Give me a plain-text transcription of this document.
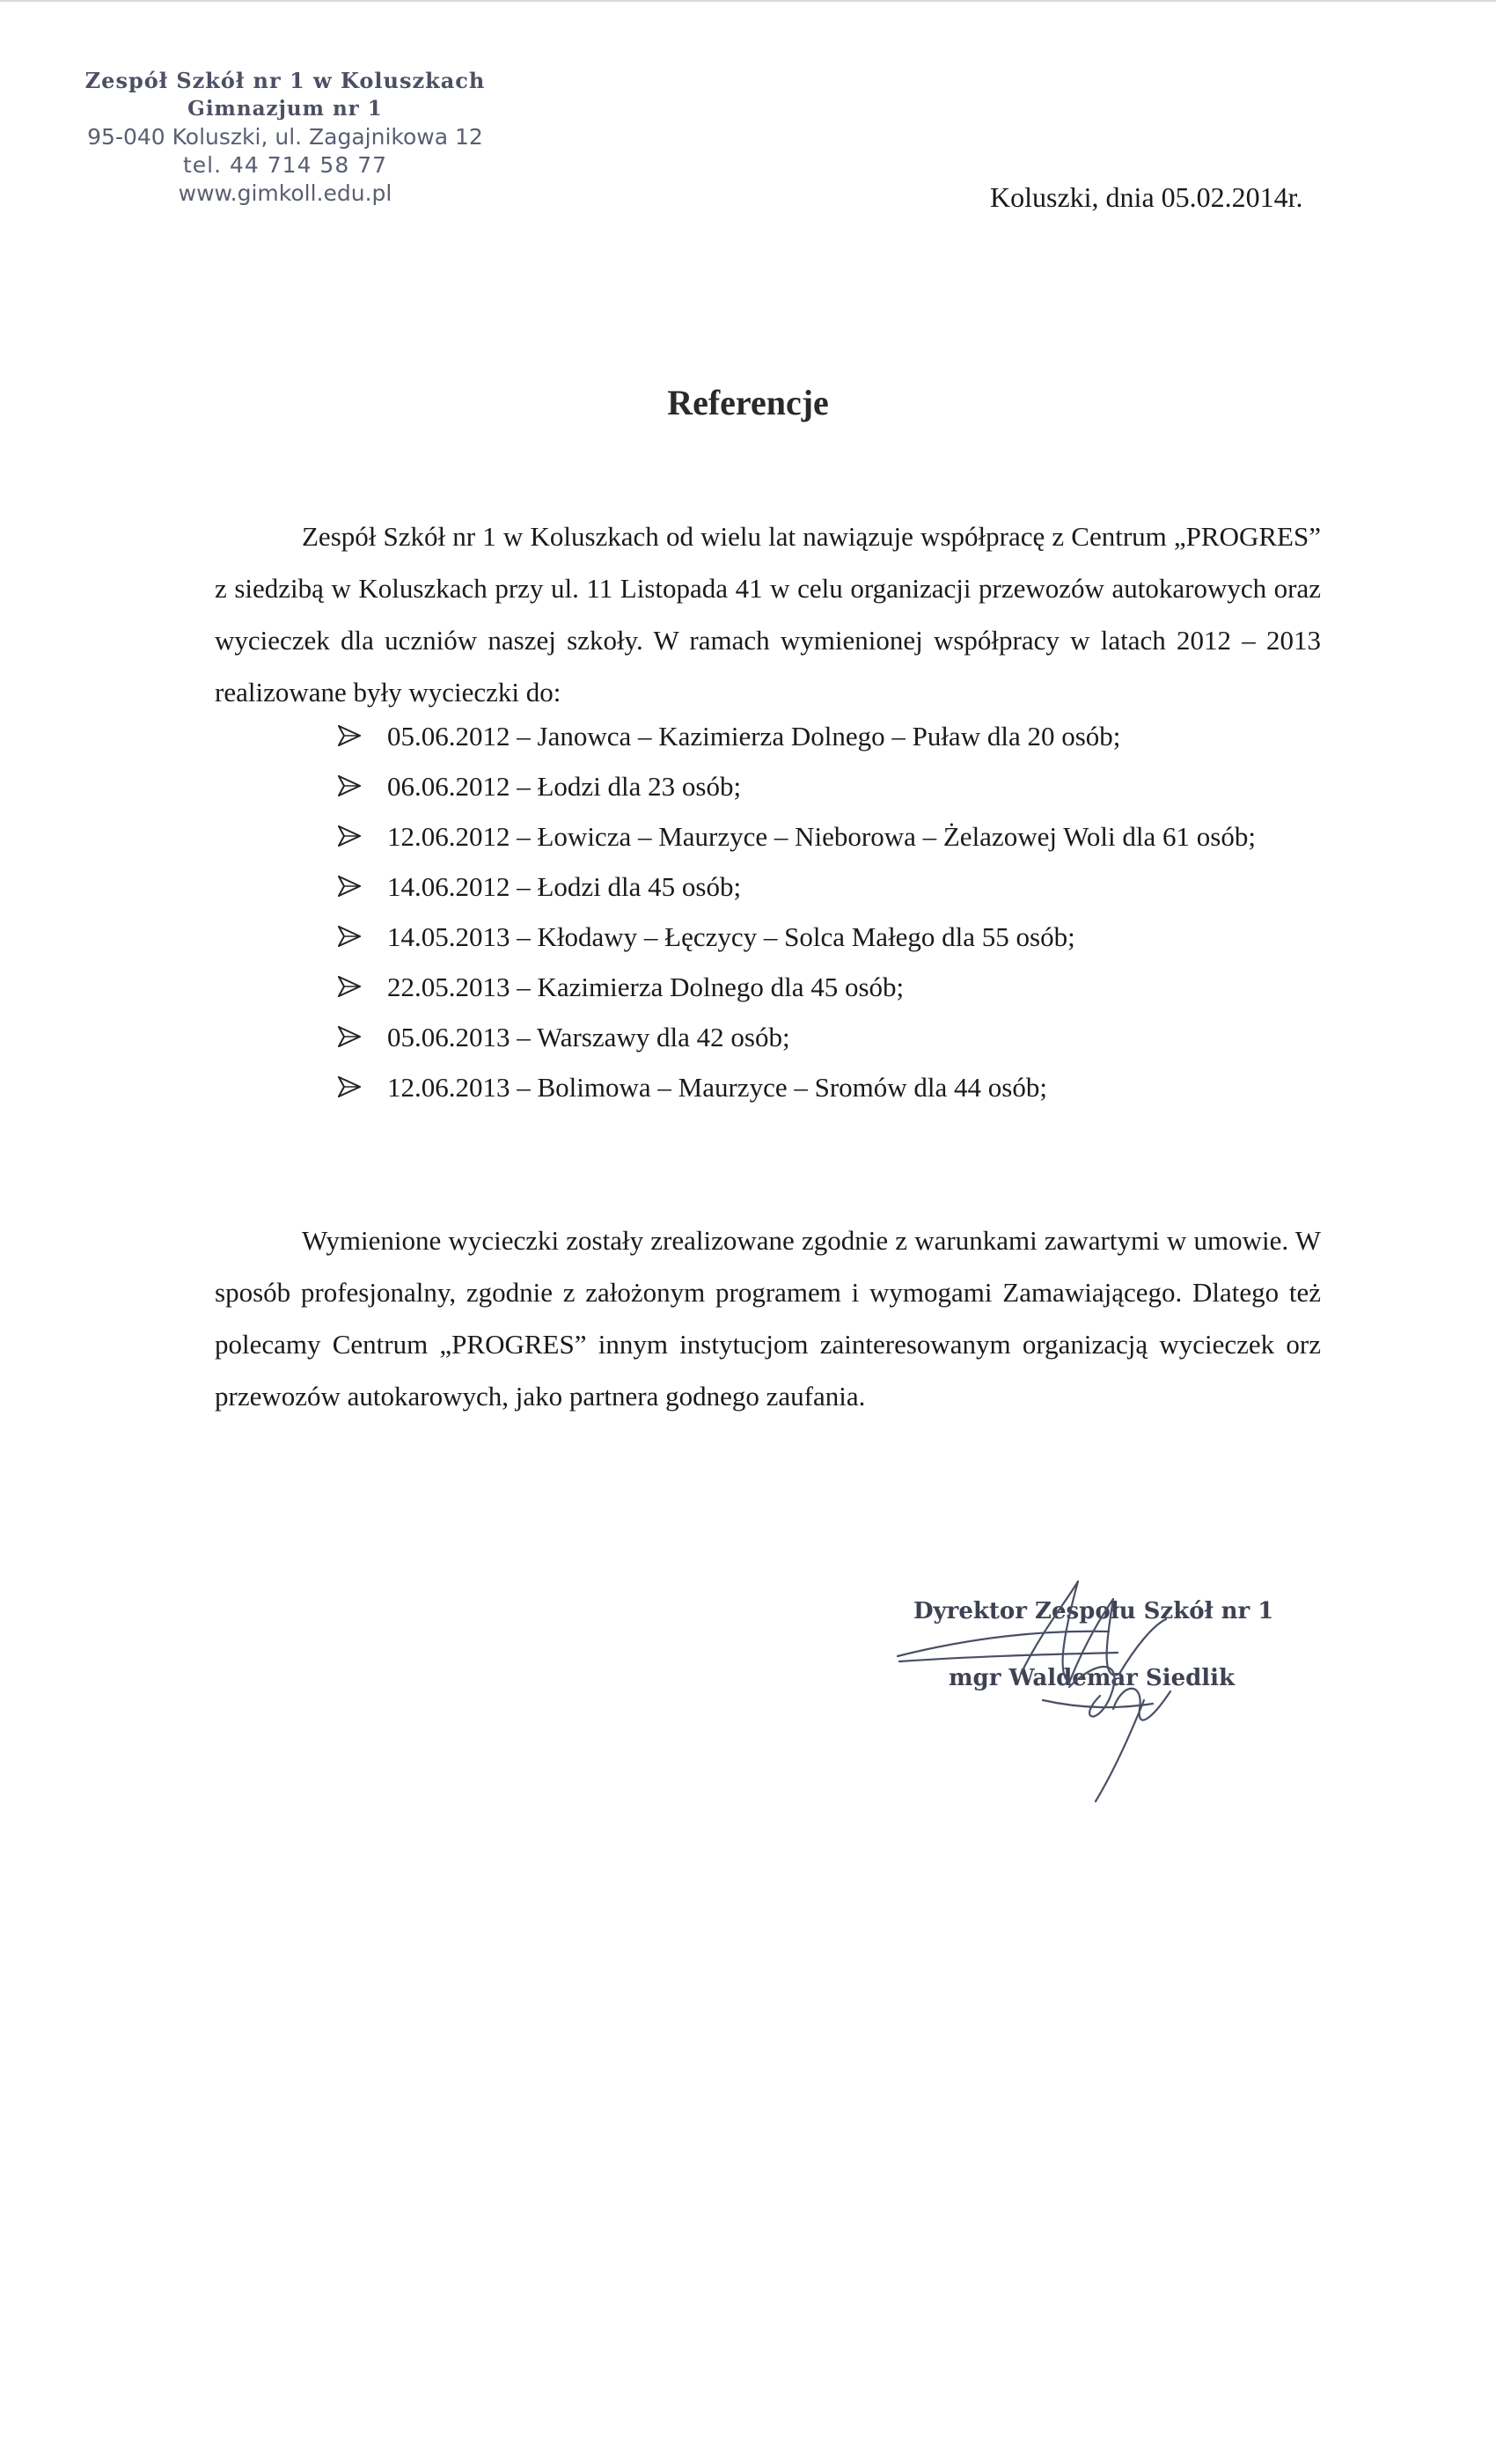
Zespół Szkół nr 1 w Koluszkach
Gimnazjum nr 1
95-040 Koluszki, ul. Zagajnikowa 12
tel. 44 714 58 77
www.gimkoll.edu.pl	Koluszki, dnia 05.02.2014r.
Referencje
Zespół Szkół nr 1 w Koluszkach od wielu lat nawiązuje współpracę z Centrum „PROGRES” z siedzibą w Koluszkach przy ul. 11 Listopada 41 w celu organizacji przewozów autokarowych oraz wycieczek dla uczniów naszej szkoły. W ramach wymienionej współpracy w latach 2012 – 2013 realizowane były wycieczki do:
05.06.2012 – Janowca – Kazimierza Dolnego – Puław dla 20 osób;
06.06.2012 – Łodzi dla 23 osób;
12.06.2012 – Łowicza – Maurzyce – Nieborowa – Żelazowej Woli dla 61 osób;
14.06.2012 – Łodzi dla 45 osób;
14.05.2013 – Kłodawy – Łęczycy – Solca Małego dla 55 osób;
22.05.2013 – Kazimierza Dolnego dla 45 osób;
05.06.2013 – Warszawy dla 42 osób;
12.06.2013 – Bolimowa – Maurzyce – Sromów dla 44 osób;
Wymienione wycieczki zostały zrealizowane zgodnie z warunkami zawartymi w umowie. W sposób profesjonalny, zgodnie z założonym programem i wymogami Zamawiającego. Dlatego też polecamy Centrum „PROGRES” innym instytucjom zainteresowanym organizacją wycieczek orz przewozów autokarowych, jako partnera godnego zaufania.
Dyrektor Zespołu Szkół nr 1
mgr Waldemar Siedlik
